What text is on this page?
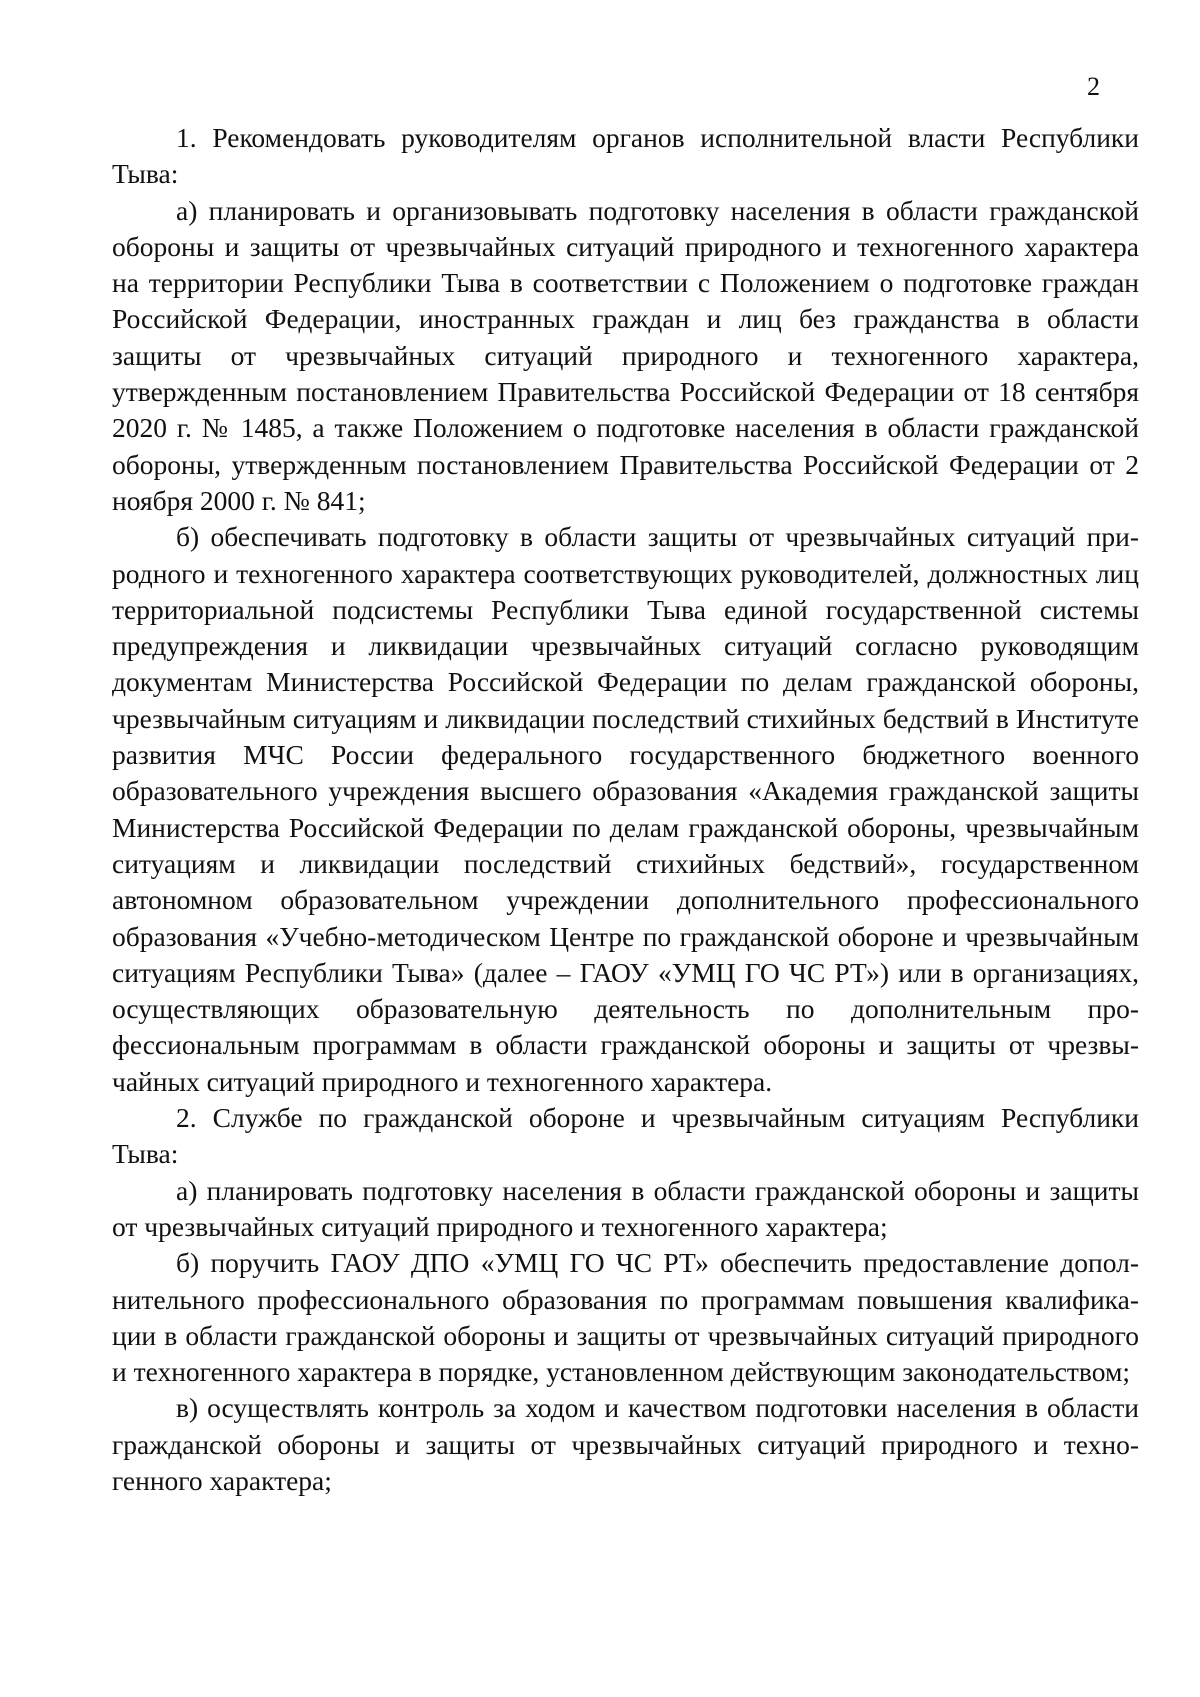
2

1. Рекомендовать руководителям органов исполнительной власти Республики Тыва:

а) планировать и организовывать подготовку населения в области гражданской обороны и защиты от чрезвычайных ситуаций природного и техногенного характера на территории Республики Тыва в соответствии с Положением о подготовке граждан Российской Федерации, иностранных граждан и лиц без гражданства в области защиты от чрезвычайных ситуаций природного и техногенного характера, утвержденным постановлением Правительства Российской Федерации от 18 сентября 2020 г. № 1485, а также Положением о подготовке населения в области гражданской обороны, утвержденным постановлением Правительства Российской Федерации от 2 ноября 2000 г. № 841;

б) обеспечивать подготовку в области защиты от чрезвычайных ситуаций природного и техногенного характера соответствующих руководителей, должностных лиц территориальной подсистемы Республики Тыва единой государственной системы предупреждения и ликвидации чрезвычайных ситуаций согласно руководящим документам Министерства Российской Федерации по делам гражданской обороны, чрезвычайным ситуациям и ликвидации последствий стихийных бедствий в Институте развития МЧС России федерального государственного бюджетного военного образовательного учреждения высшего образования «Академия гражданской защиты Министерства Российской Федерации по делам гражданской обороны, чрезвычайным ситуациям и ликвидации последствий стихийных бедствий», государственном автономном образовательном учреждении дополнительного профессионального образования «Учебно-методическом Центре по гражданской обороне и чрезвычайным ситуациям Республики Тыва» (далее – ГАОУ «УМЦ ГО ЧС РТ») или в организациях, осуществляющих образовательную деятельность по дополнительным профессиональным программам в области гражданской обороны и защиты от чрезвычайных ситуаций природного и техногенного характера.

2. Службе по гражданской обороне и чрезвычайным ситуациям Республики Тыва:

а) планировать подготовку населения в области гражданской обороны и защиты от чрезвычайных ситуаций природного и техногенного характера;

б) поручить ГАОУ ДПО «УМЦ ГО ЧС РТ» обеспечить предоставление дополнительного профессионального образования по программам повышения квалификации в области гражданской обороны и защиты от чрезвычайных ситуаций природного и техногенного характера в порядке, установленном действующим законодательством;

в) осуществлять контроль за ходом и качеством подготовки населения в области гражданской обороны и защиты от чрезвычайных ситуаций природного и техногенного характера;
